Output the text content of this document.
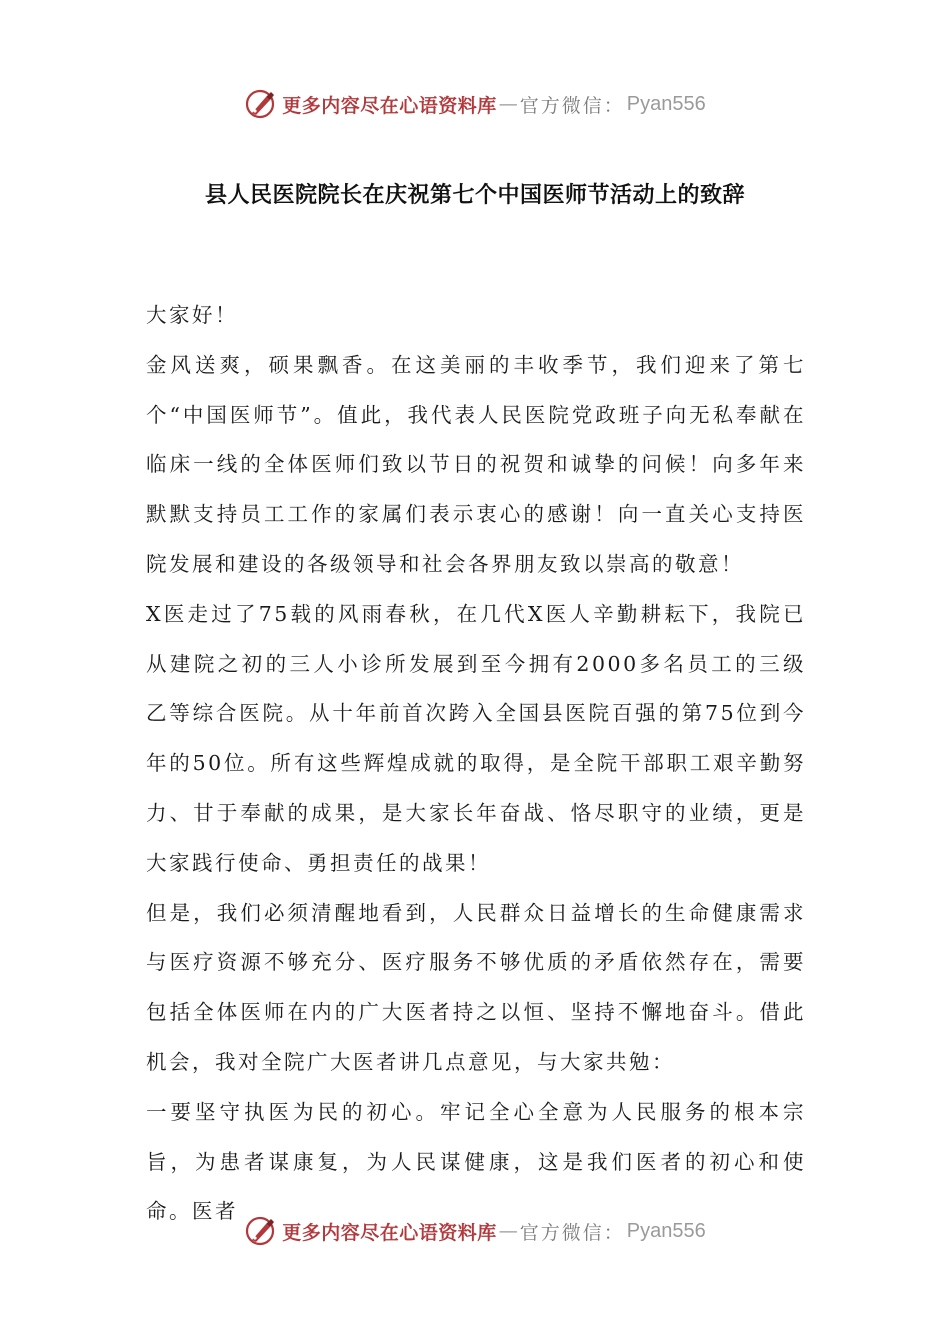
更多内容尽在心语资料库 — 官方微信： Pyan556
县人民医院院长在庆祝第七个中国医师节活动上的致辞

大家好！

金风送爽，硕果飘香。在这美丽的丰收季节，我们迎来了第七个“中国医师节”。值此，我代表人民医院党政班子向无私奉献在临床一线的全体医师们致以节日的祝贺和诚挚的问候！向多年来默默支持员工工作的家属们表示衷心的感谢！向一直关心支持医院发展和建设的各级领导和社会各界朋友致以崇高的敬意！

X医走过了75载的风雨春秋，在几代X医人辛勤耕耘下，我院已从建院之初的三人小诊所发展到至今拥有2000多名员工的三级乙等综合医院。从十年前首次跨入全国县医院百强的第75位到今年的50位。所有这些辉煌成就的取得，是全院干部职工艰辛勤努力、甘于奉献的成果，是大家长年奋战、恪尽职守的业绩，更是大家践行使命、勇担责任的战果！

但是，我们必须清醒地看到，人民群众日益增长的生命健康需求与医疗资源不够充分、医疗服务不够优质的矛盾依然存在，需要包括全体医师在内的广大医者持之以恒、坚持不懈地奋斗。借此机会，我对全院广大医者讲几点意见，与大家共勉：

一要坚守执医为民的初心。牢记全心全意为人民服务的根本宗旨，为患者谋康复，为人民谋健康，这是我们医者的初心和使命。医者

更多内容尽在心语资料库 — 官方微信： Pyan556
